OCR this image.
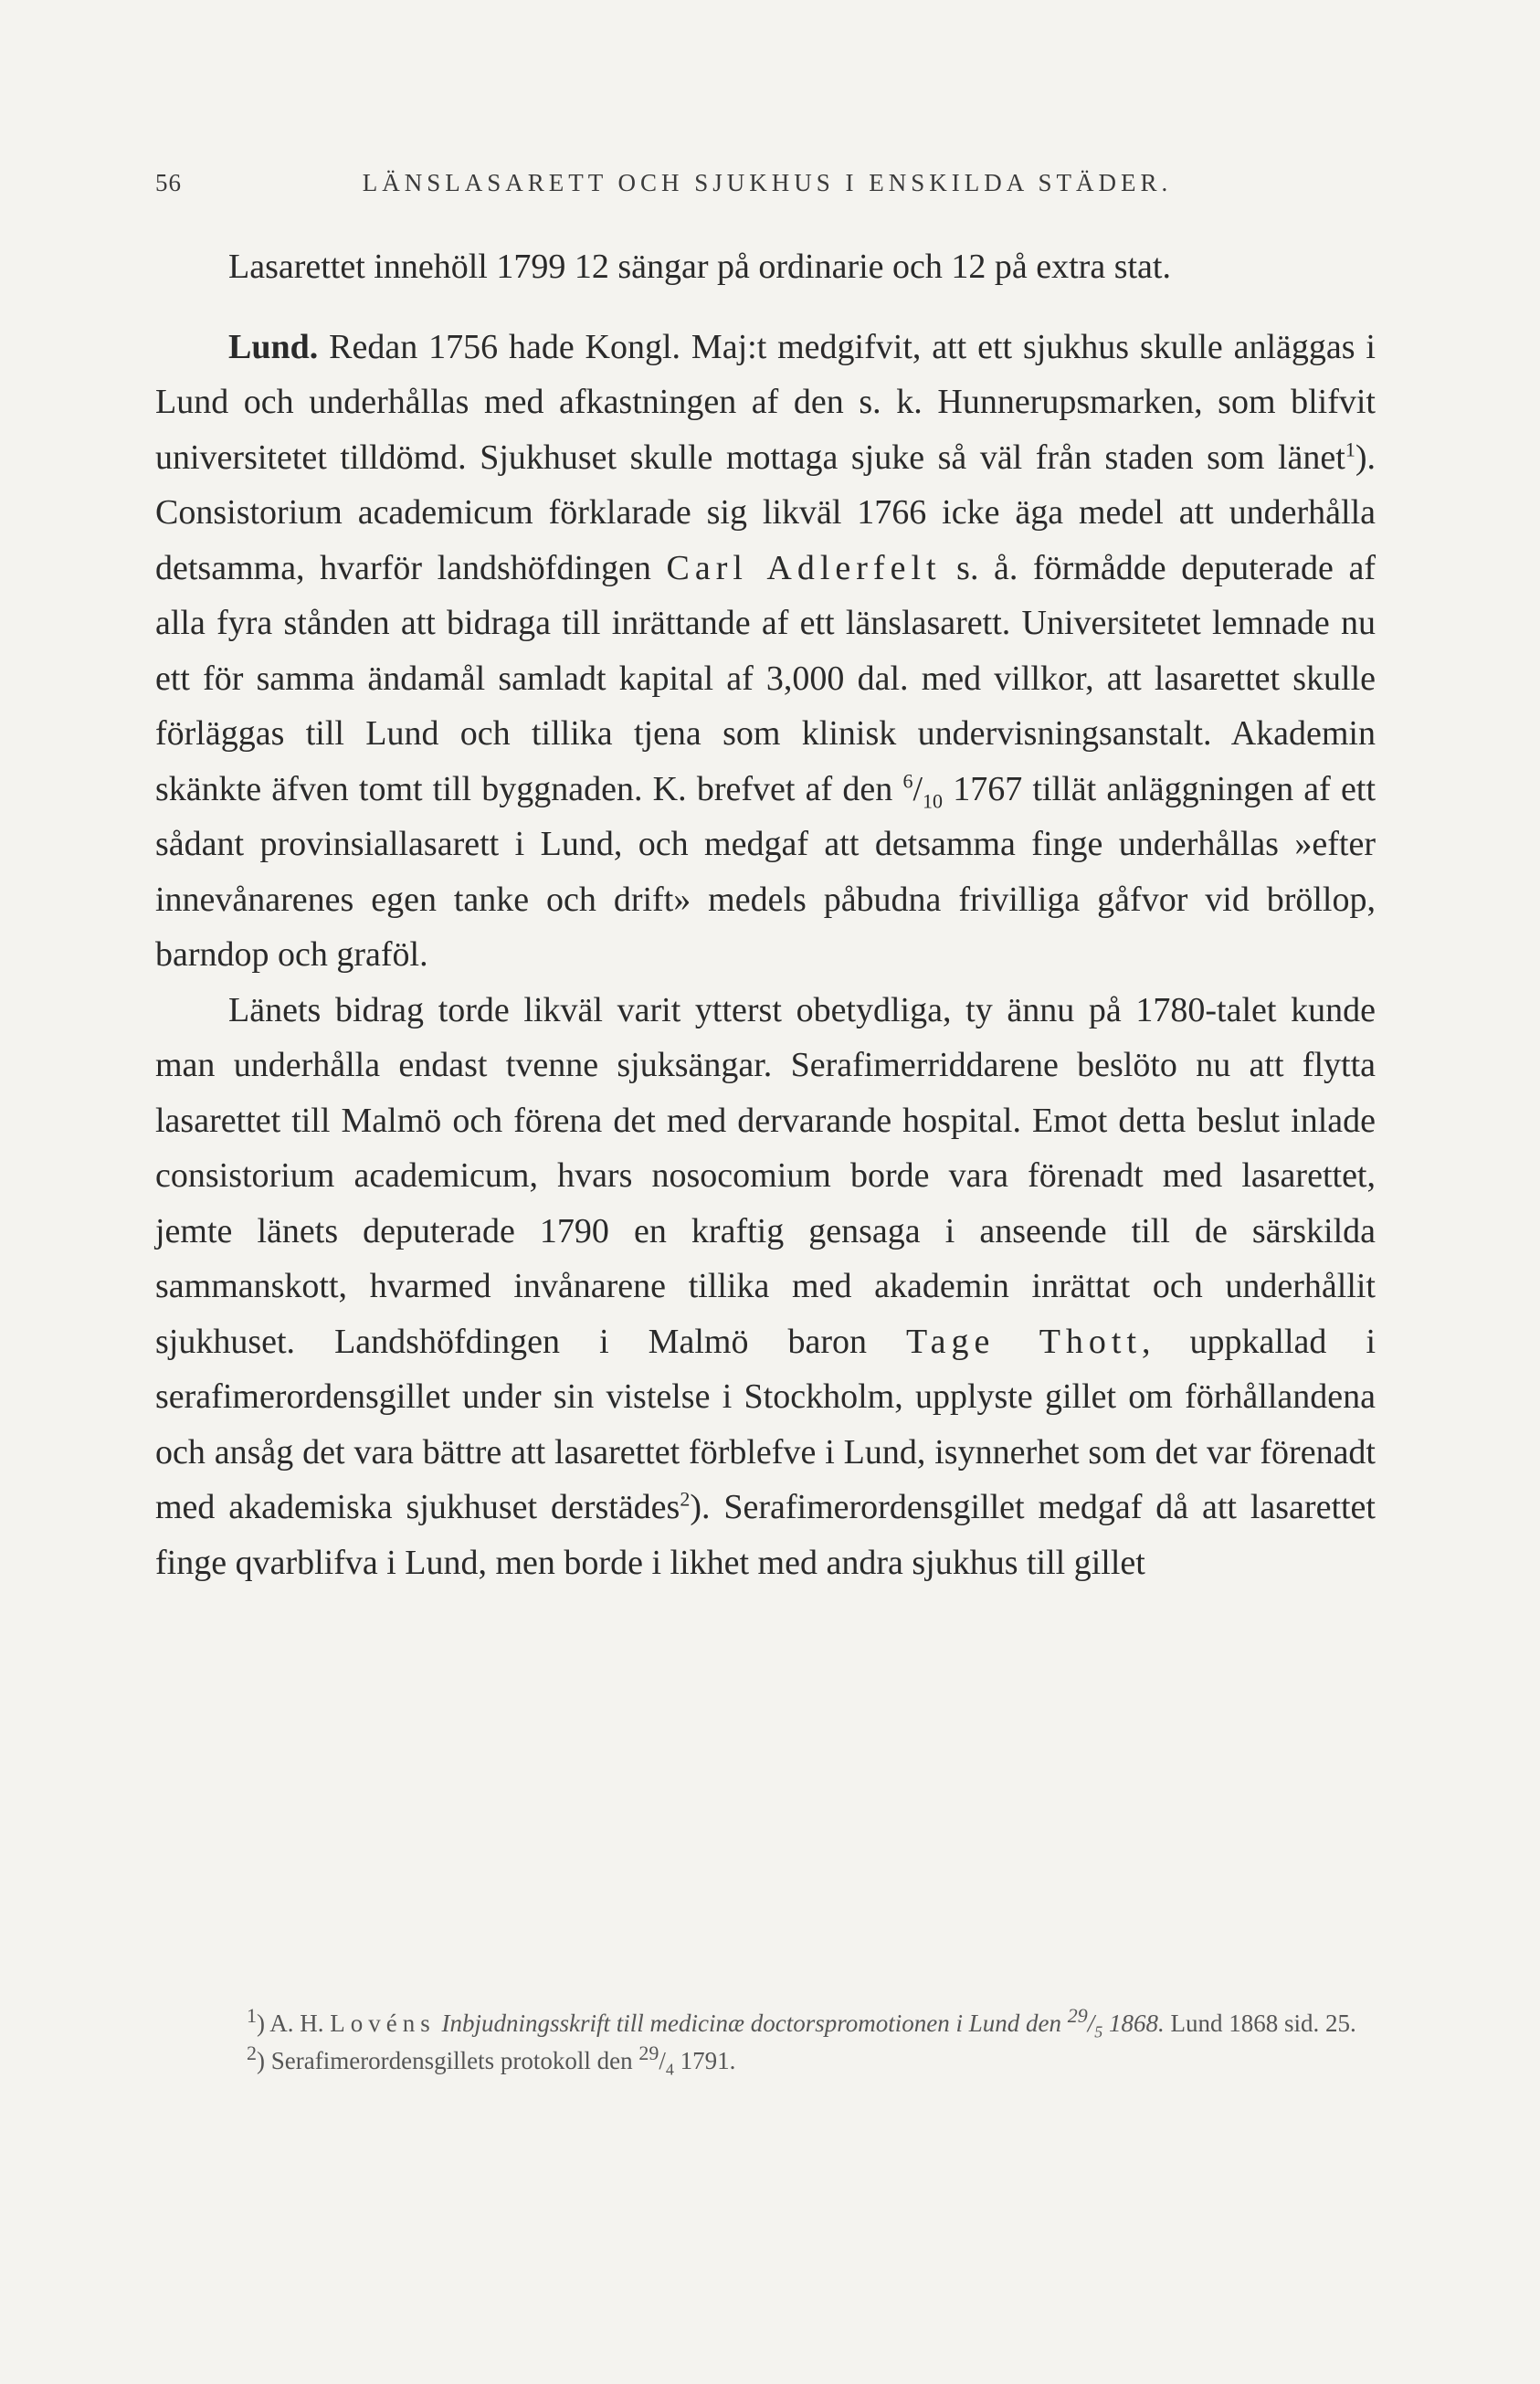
56	LÄNSLASARETT OCH SJUKHUS I ENSKILDA STÄDER.

Lasarettet innehöll 1799 12 sängar på ordinarie och 12 på extra stat.

Lund. Redan 1756 hade Kongl. Maj:t medgifvit, att ett sjukhus skulle anläggas i Lund och underhållas med afkastningen af den s. k. Hunnerupsmarken, som blifvit universitetet tilldömd. Sjukhuset skulle mottaga sjuke så väl från staden som länet$^1$). Consistorium academicum förklarade sig likväl 1766 icke äga medel att underhålla detsamma, hvarför landshöfdingen Carl Adlerfelt s. å. förmådde deputerade af alla fyra stånden att bidraga till inrättande af ett länslasarett. Universitetet lemnade nu ett för samma ändamål samladt kapital af 3,000 dal. med villkor, att lasarettet skulle förläggas till Lund och tillika tjena som klinisk undervisningsanstalt. Akademin skänkte äfven tomt till byggnaden. K. brefvet af den $^6/_{10}$ 1767 tillät anläggningen af ett sådant provinsiallasarett i Lund, och medgaf att detsamma finge underhållas »efter innevånarenes egen tanke och drift» medels påbudna frivilliga gåfvor vid bröllop, barndop och graföl.

Länets bidrag torde likväl varit ytterst obetydliga, ty ännu på 1780-talet kunde man underhålla endast tvenne sjuksängar. Serafimerriddarene beslöto nu att flytta lasarettet till Malmö och förena det med dervarande hospital. Emot detta beslut inlade consistorium academicum, hvars nosocomium borde vara förenadt med lasarettet, jemte länets deputerade 1790 en kraftig gensaga i anseende till de särskilda sammanskott, hvarmed invånarene tillika med akademin inrättat och underhållit sjukhuset. Landshöfdingen i Malmö baron Tage Thott, uppkallad i serafimerordensgillet under sin vistelse i Stockholm, upplyste gillet om förhållandena och ansåg det vara bättre att lasarettet förblefve i Lund, isynnerhet som det var förenadt med akademiska sjukhuset derstädes$^2$). Serafimerordensgillet medgaf då att lasarettet finge qvarblifva i Lund, men borde i likhet med andra sjukhus till gillet

$^1$) A. H. Lovéns Inbjudningsskrift till medicinæ doctorspromotionen i Lund den $^{29}/_5$ 1868. Lund 1868 sid. 25.

$^2$) Serafimerordensgillets protokoll den $^{29}/_4$ 1791.
